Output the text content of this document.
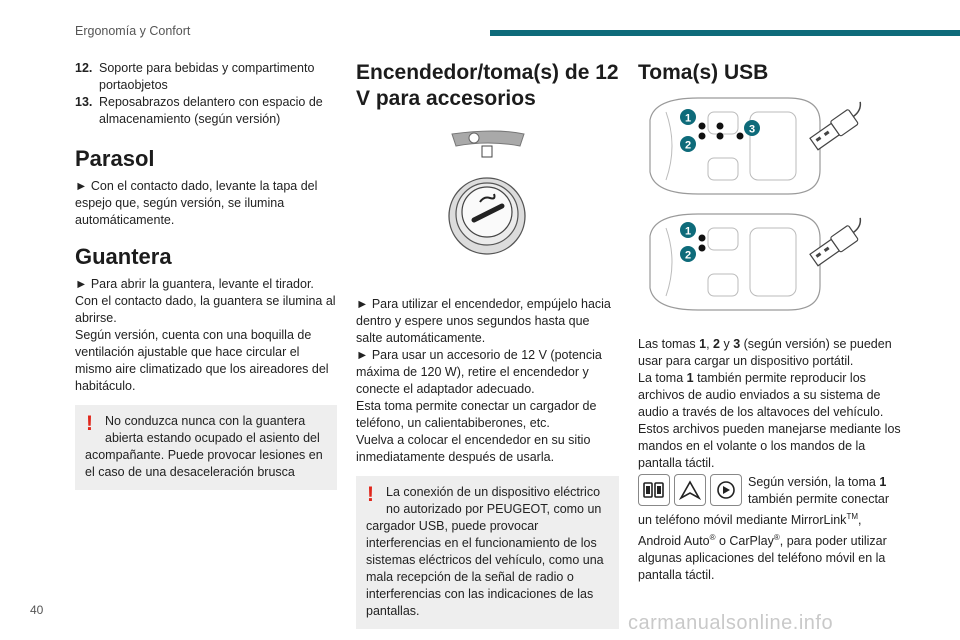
Ergonomía y Confort
40
carmanualsonline.info
12. Soporte para bebidas y compartimento portaobjetos
13. Reposabrazos delantero con espacio de almacenamiento (según versión)
Parasol

► Con el contacto dado, levante la tapa del espejo que, según versión, se ilumina automáticamente.

Guantera

► Para abrir la guantera, levante el tirador.

Con el contacto dado, la guantera se ilumina al abrirse.

Según versión, cuenta con una boquilla de ventilación ajustable que hace circular el mismo aire climatizado que los aireadores del habitáculo.

! No conduzca nunca con la guantera abierta estando ocupado el asiento del
acompañante. Puede provocar lesiones en el caso de una desaceleración brusca
Encendedor/toma(s) de 12 V para accesorios

► Para utilizar el encendedor, empújelo hacia dentro y espere unos segundos hasta que salte automáticamente.

► Para usar un accesorio de 12 V (potencia máxima de 120 W), retire el encendedor y conecte el adaptador adecuado.

Esta toma permite conectar un cargador de teléfono, un calientabiberones, etc.

Vuelva a colocar el encendedor en su sitio inmediatamente después de usarla.

! La conexión de un dispositivo eléctrico no autorizado por PEUGEOT, como un
cargador USB, puede provocar interferencias en el funcionamiento de los sistemas eléctricos del vehículo, como una mala recepción de la señal de radio o interferencias con las indicaciones de las pantallas.
Toma(s) USB
1
2
3
1
2

Las tomas 1, 2 y 3 (según versión) se pueden usar para cargar un dispositivo portátil.

La toma 1 también permite reproducir los archivos de audio enviados a su sistema de audio a través de los altavoces del vehículo.

Estos archivos pueden manejarse mediante los mandos en el volante o los mandos de la pantalla táctil.

Según versión, la toma 1 también permite conectar un teléfono móvil mediante MirrorLink™, Android Auto® o CarPlay®, para poder utilizar algunas aplicaciones del teléfono móvil en la pantalla táctil.
